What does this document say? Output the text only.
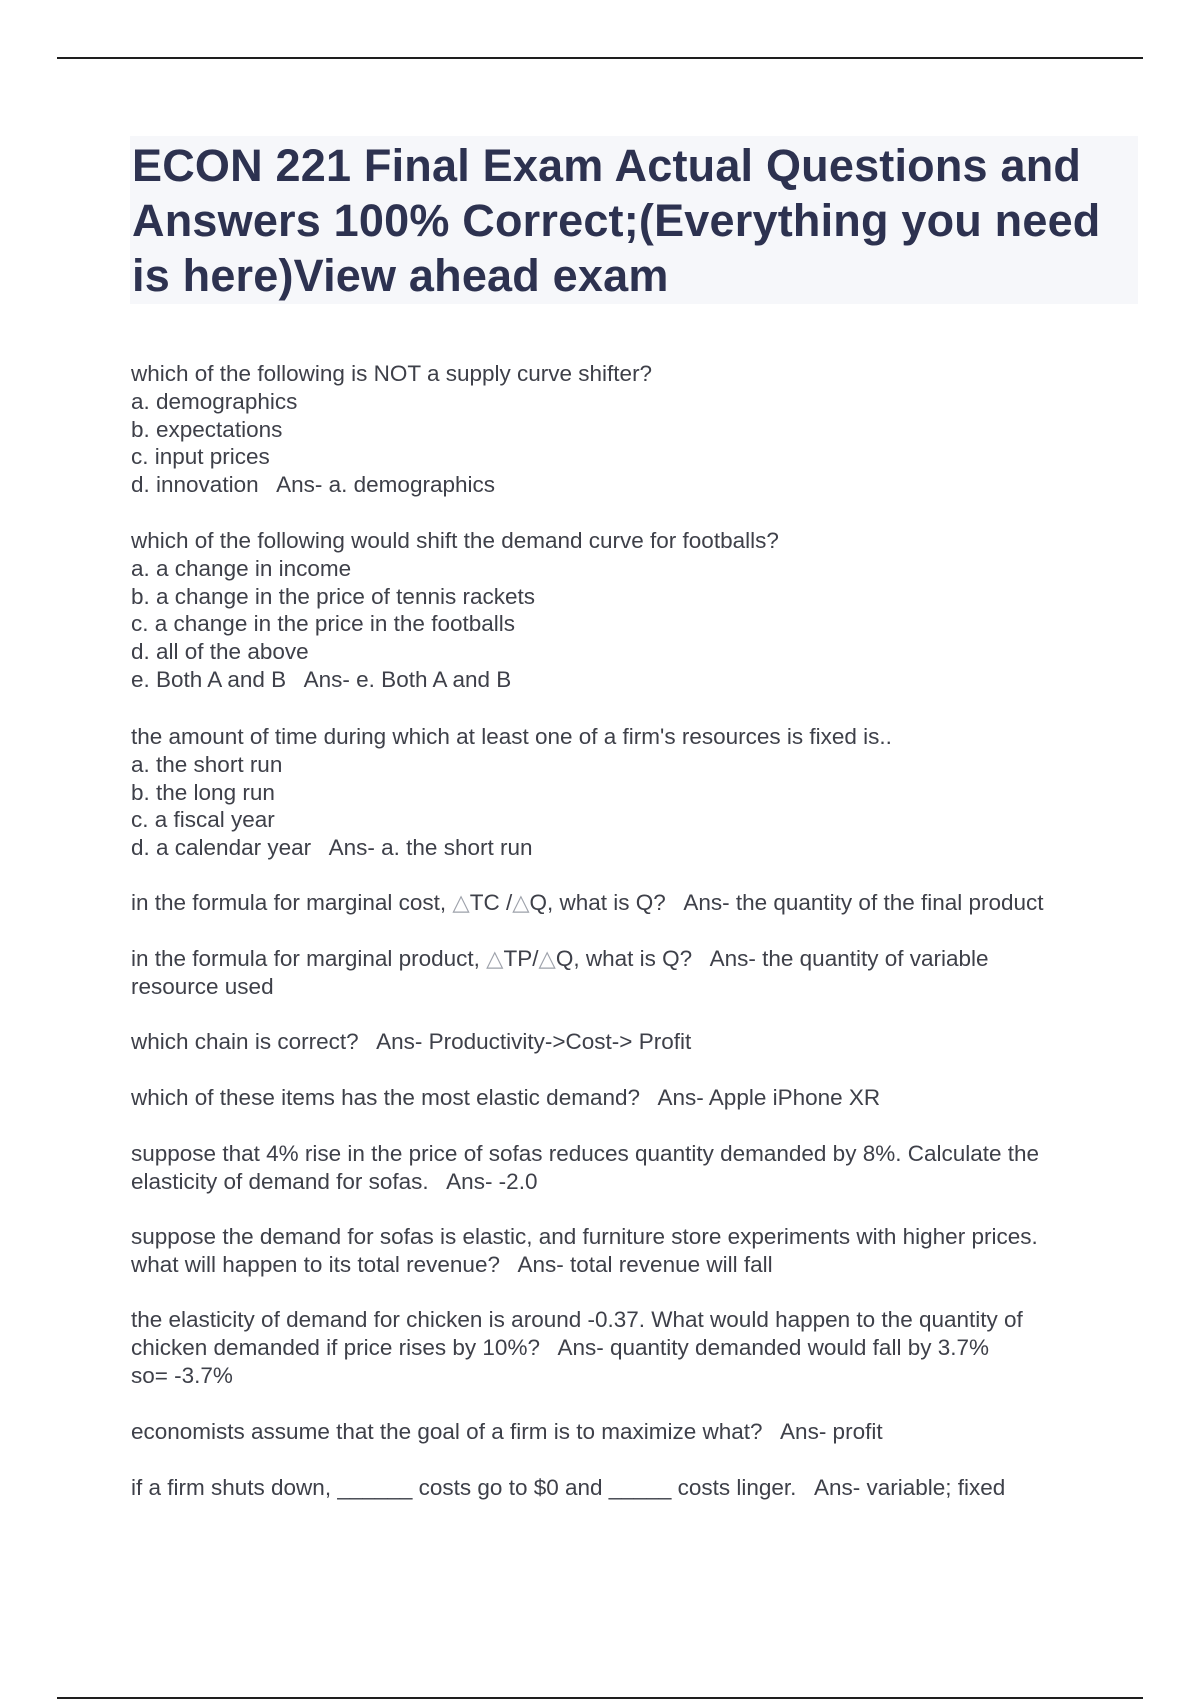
ECON 221 Final Exam Actual Questions and Answers 100% Correct;(Everything you need is here)View ahead exam
which of the following is NOT a supply curve shifter?
a. demographics
b. expectations
c. input prices
d. innovation Ans- a. demographics
which of the following would shift the demand curve for footballs?
a. a change in income
b. a change in the price of tennis rackets
c. a change in the price in the footballs
d. all of the above
e. Both A and B Ans- e. Both A and B
the amount of time during which at least one of a firm's resources is fixed is..
a. the short run
b. the long run
c. a fiscal year
d. a calendar year Ans- a. the short run
in the formula for marginal cost, △TC /△Q, what is Q? Ans- the quantity of the final product
in the formula for marginal product, △TP/△Q, what is Q? Ans- the quantity of variable
resource used
which chain is correct? Ans- Productivity->Cost-> Profit
which of these items has the most elastic demand? Ans- Apple iPhone XR
suppose that 4% rise in the price of sofas reduces quantity demanded by 8%. Calculate the
elasticity of demand for sofas. Ans- -2.0
suppose the demand for sofas is elastic, and furniture store experiments with higher prices.
what will happen to its total revenue? Ans- total revenue will fall
the elasticity of demand for chicken is around -0.37. What would happen to the quantity of
chicken demanded if price rises by 10%? Ans- quantity demanded would fall by 3.7%
so= -3.7%
economists assume that the goal of a firm is to maximize what? Ans- profit
if a firm shuts down, ______ costs go to $0 and _____ costs linger. Ans- variable; fixed
